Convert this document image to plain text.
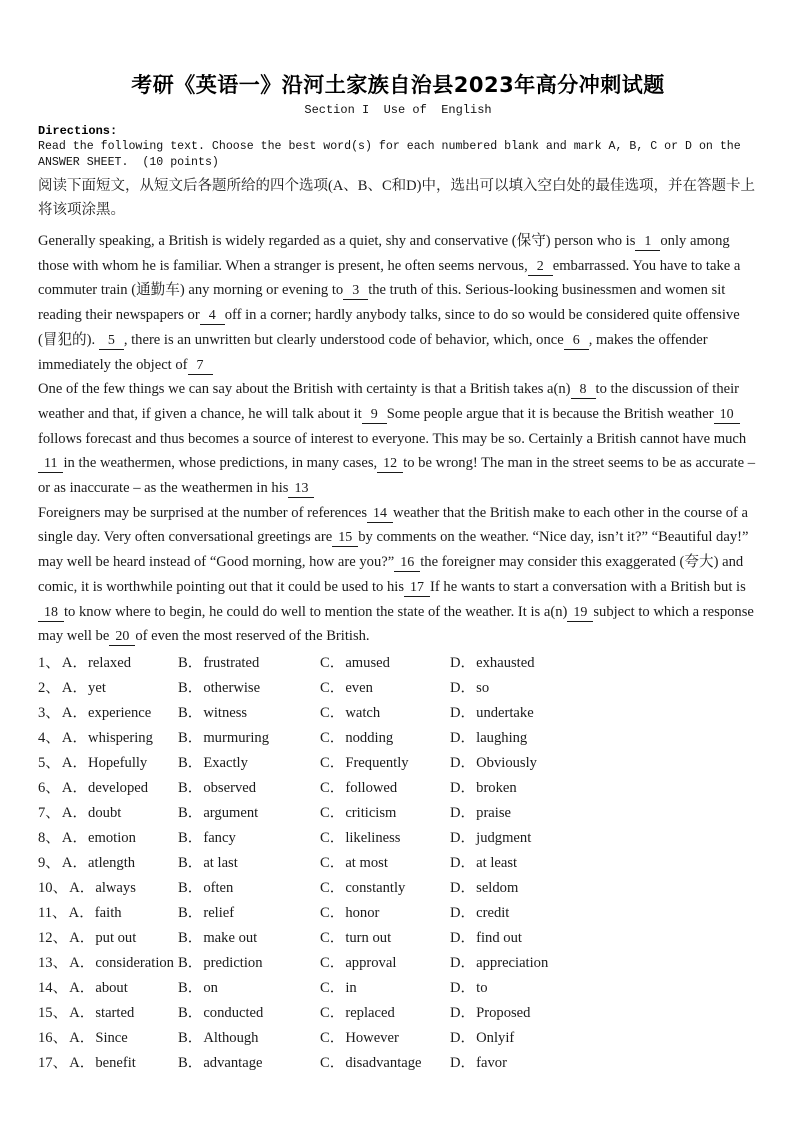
考研《英语一》沿河土家族自治县2023年高分冲刺试题
Section I  Use of  English
Directions:
Read the following text. Choose the best word(s) for each numbered blank and mark A, B, C or D on the ANSWER SHEET.  (10 points)
阅读下面短文，从短文后各题所给的四个选项(A、B、C和D)中，选出可以填入空白处的最佳选项，并在答题卡上将该项涂黑。

Generally speaking, a British is widely regarded as a quiet, shy and conservative (保守) person who is 1 only among those with whom he is familiar. When a stranger is present, he often seems nervous, 2 embarrassed. You have to take a commuter train (通勤车) any morning or evening to 3 the truth of this. Serious-looking businessmen and women sit reading their newspapers or 4 off in a corner; hardly anybody talks, since to do so would be considered quite offensive (冒犯的). 5 , there is an unwritten but clearly understood code of behavior, which, once 6 , makes the offender immediately the object of 7

One of the few things we can say about the British with certainty is that a British takes a(n) 8 to the discussion of their weather and that, if given a chance, he will talk about it 9 Some people argue that it is because the British weather 10follows forecast and thus becomes a source of interest to everyone. This may be so. Certainly a British cannot have much11 in the weathermen, whose predictions, in many cases, 12 to be wrong! The man in the street seems to be as accurate – or as inaccurate – as the weathermen in his 13

Foreigners may be surprised at the number of references 14 weather that the British make to each other in the course of a single day. Very often conversational greetings are 15 by comments on the weather. “Nice day, isn’t it?” “Beautiful day!” may well be heard instead of “Good morning, how are you?” 16 the foreigner may consider this exaggerated (夸大) and comic, it is worthwhile pointing out that it could be used to his 17 If he wants to start a conversation with a British but is18 to know where to begin, he could do well to mention the state of the weather. It is a(n) 19 subject to which a response may well be 20 of even the most reserved of the British.

1、 A．relaxed	B．frustrated	C．amused	D．exhausted
2、 A．yet	B．otherwise	C．even	D．so
3、 A．experience	B．witness	C．watch	D．undertake
4、 A．whispering	B．murmuring	C．nodding	D．laughing
5、 A．Hopefully	B．Exactly	C．Frequently	D．Obviously
6、 A．developed	B．observed	C．followed	D．broken
7、 A．doubt	B．argument	C．criticism	D．praise
8、 A．emotion	B．fancy	C．likeliness	D．judgment
9、 A．atlength	B．at last	C．at most	D．at least
10、 A．always	B．often	C．constantly	D．seldom
11、 A．faith	B．relief	C．honor	D．credit
12、 A．put out	B．make out	C．turn out	D．find out
13、 A．consideration B．prediction	C．approval	D．appreciation
14、 A．about	B．on	C．in	D．to
15、 A．started	B．conducted	C．replaced	D．Proposed
16、 A．Since	B．Although	C．However	D．Onlyif
17、 A．benefit	B．advantage	C．disadvantage	D．favor
